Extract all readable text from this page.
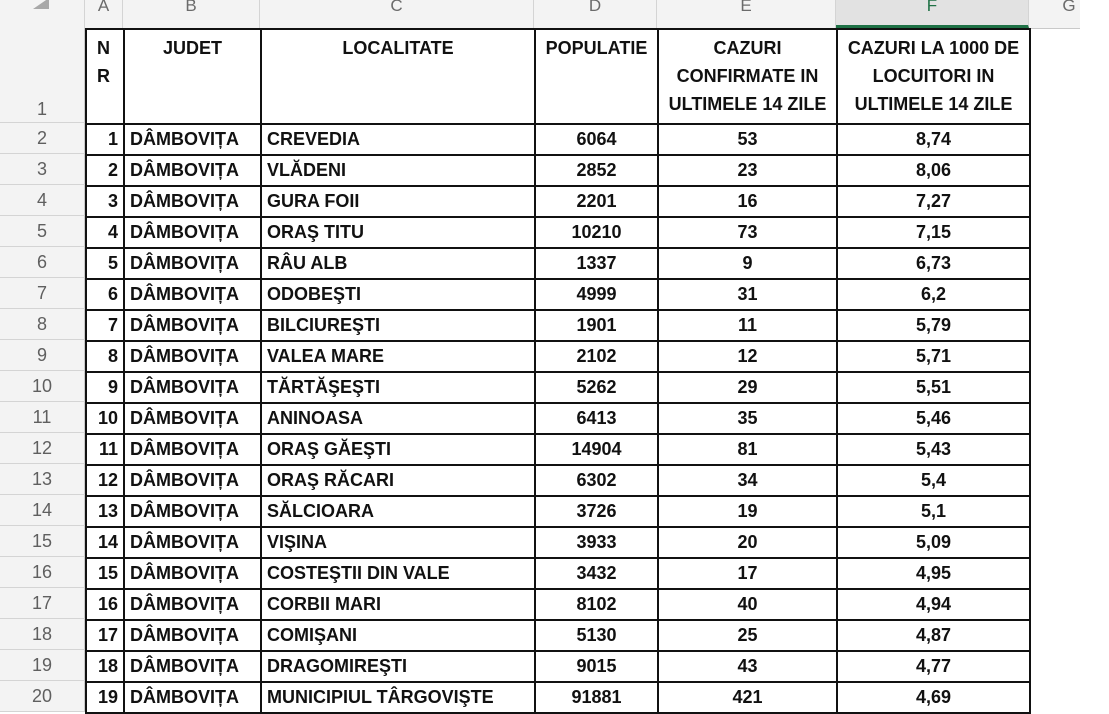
A	B	C	D	E	F	G
1
2
3
4
5
6
7
8
9
10
11
12
13
14
15
16
17
18
19
20
N R	JUDET	LOCALITATE	POPULATIE	CAZURI CONFIRMATE IN ULTIMELE 14 ZILE	CAZURI LA 1000 DE LOCUITORI IN ULTIMELE 14 ZILE
1	DÂMBOVIȚA	CREVEDIA	6064	53	8,74
2	DÂMBOVIȚA	VLĂDENI	2852	23	8,06
3	DÂMBOVIȚA	GURA FOII	2201	16	7,27
4	DÂMBOVIȚA	ORAŞ TITU	10210	73	7,15
5	DÂMBOVIȚA	RÂU ALB	1337	9	6,73
6	DÂMBOVIȚA	ODOBEŞTI	4999	31	6,2
7	DÂMBOVIȚA	BILCIUREŞTI	1901	11	5,79
8	DÂMBOVIȚA	VALEA MARE	2102	12	5,71
9	DÂMBOVIȚA	TĂRTĂŞEŞTI	5262	29	5,51
10	DÂMBOVIȚA	ANINOASA	6413	35	5,46
11	DÂMBOVIȚA	ORAŞ GĂEŞTI	14904	81	5,43
12	DÂMBOVIȚA	ORAŞ RĂCARI	6302	34	5,4
13	DÂMBOVIȚA	SĂLCIOARA	3726	19	5,1
14	DÂMBOVIȚA	VIŞINA	3933	20	5,09
15	DÂMBOVIȚA	COSTEŞTII DIN VALE	3432	17	4,95
16	DÂMBOVIȚA	CORBII MARI	8102	40	4,94
17	DÂMBOVIȚA	COMIŞANI	5130	25	4,87
18	DÂMBOVIȚA	DRAGOMIREŞTI	9015	43	4,77
19	DÂMBOVIȚA	MUNICIPIUL TÂRGOVIŞTE	91881	421	4,69
